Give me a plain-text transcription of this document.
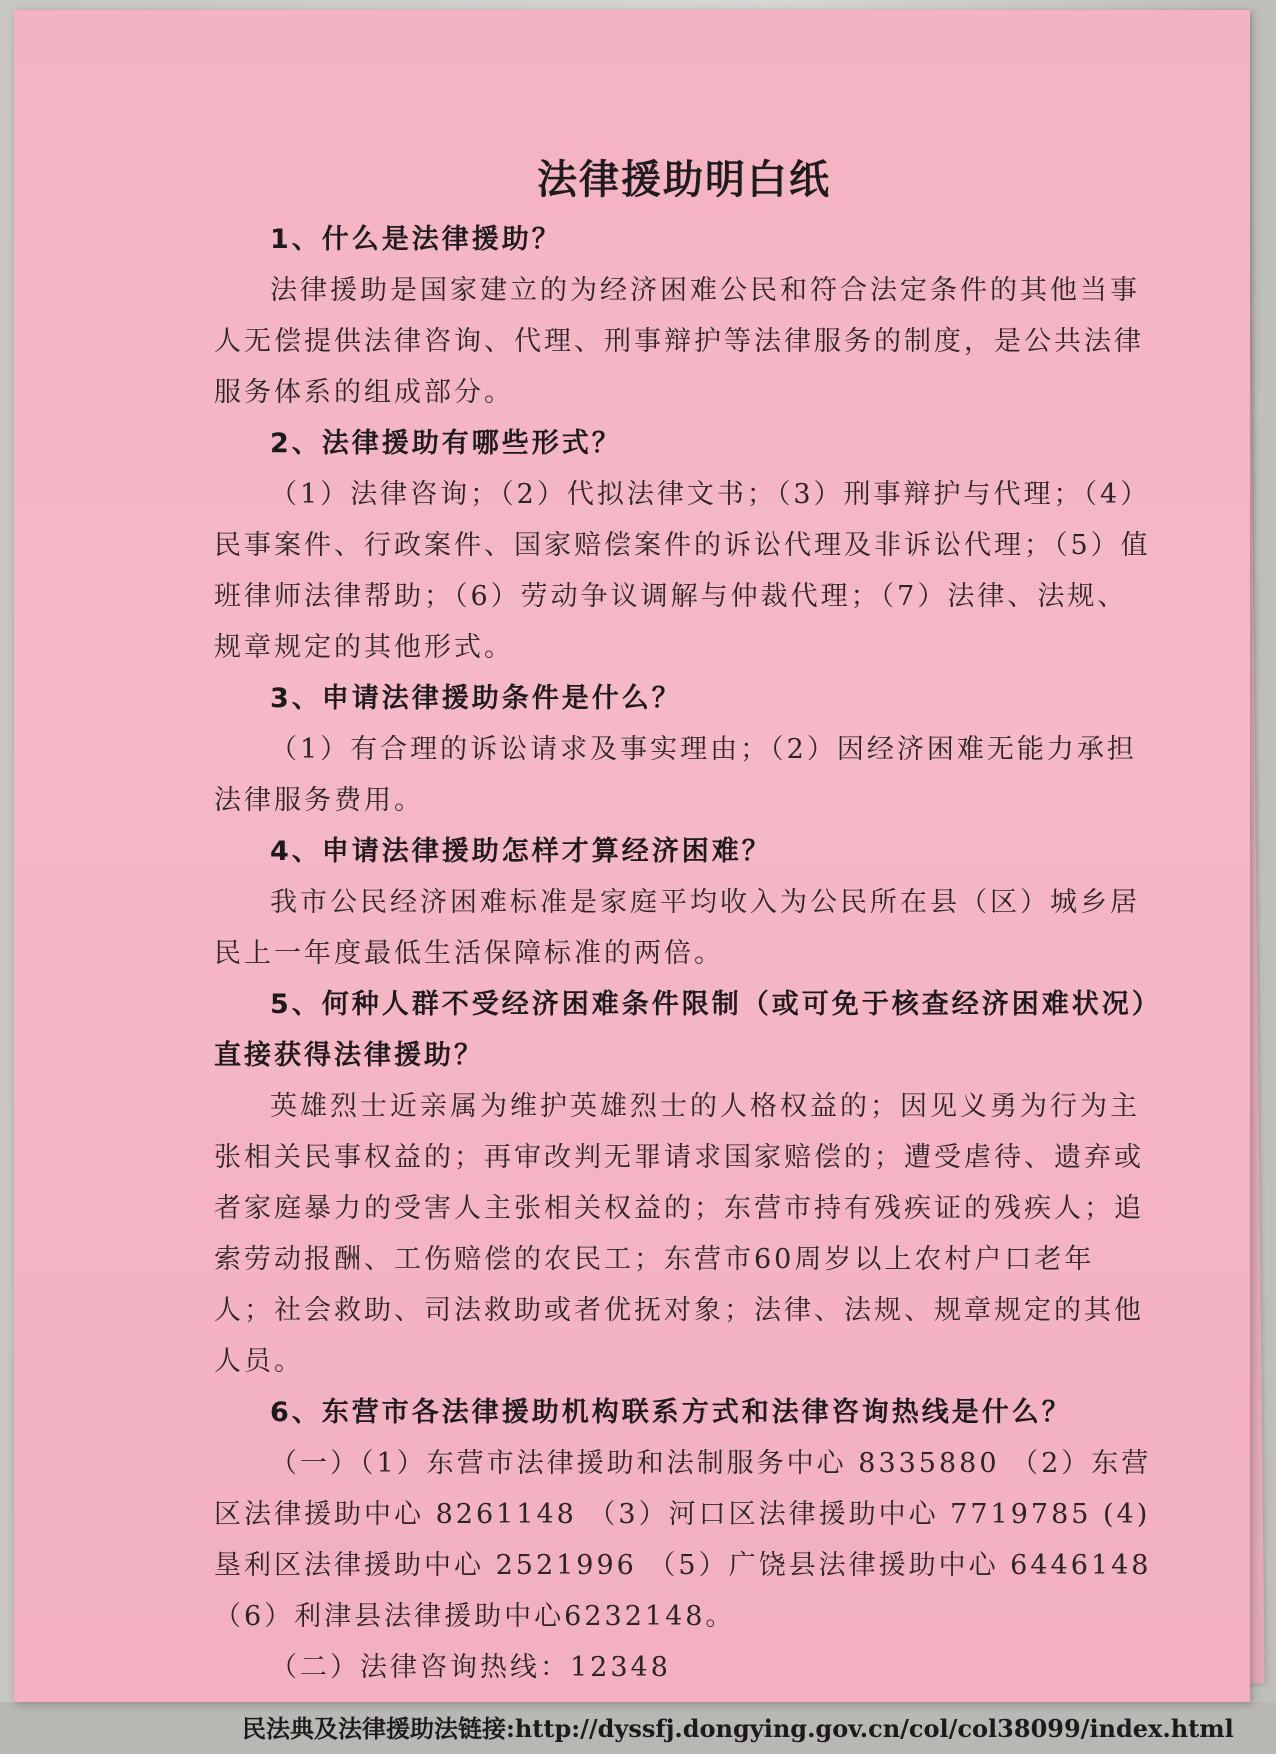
法律援助明白纸

1、什么是法律援助？

法律援助是国家建立的为经济困难公民和符合法定条件的其他当事人无偿提供法律咨询、代理、刑事辩护等法律服务的制度，是公共法律服务体系的组成部分。

2、法律援助有哪些形式？

（1）法律咨询；（2）代拟法律文书；（3）刑事辩护与代理；（4）民事案件、行政案件、国家赔偿案件的诉讼代理及非诉讼代理；（5）值班律师法律帮助；（6）劳动争议调解与仲裁代理；（7）法律、法规、规章规定的其他形式。

3、申请法律援助条件是什么？

（1）有合理的诉讼请求及事实理由；（2）因经济困难无能力承担法律服务费用。

4、申请法律援助怎样才算经济困难？

我市公民经济困难标准是家庭平均收入为公民所在县（区）城乡居民上一年度最低生活保障标准的两倍。

5、何种人群不受经济困难条件限制（或可免于核查经济困难状况）直接获得法律援助？

英雄烈士近亲属为维护英雄烈士的人格权益的；因见义勇为行为主张相关民事权益的；再审改判无罪请求国家赔偿的；遭受虐待、遗弃或者家庭暴力的受害人主张相关权益的；东营市持有残疾证的残疾人；追索劳动报酬、工伤赔偿的农民工；东营市60周岁以上农村户口老年人；社会救助、司法救助或者优抚对象；法律、法规、规章规定的其他人员。

6、东营市各法律援助机构联系方式和法律咨询热线是什么？

（一）（1）东营市法律援助和法制服务中心 8335880 （2）东营区法律援助中心 8261148 （3）河口区法律援助中心 7719785 (4)垦利区法律援助中心 2521996 （5）广饶县法律援助中心 6446148 （6）利津县法律援助中心6232148。

（二）法律咨询热线：12348

民法典及法律援助法链接:http://dyssfj.dongying.gov.cn/col/col38099/index.html
